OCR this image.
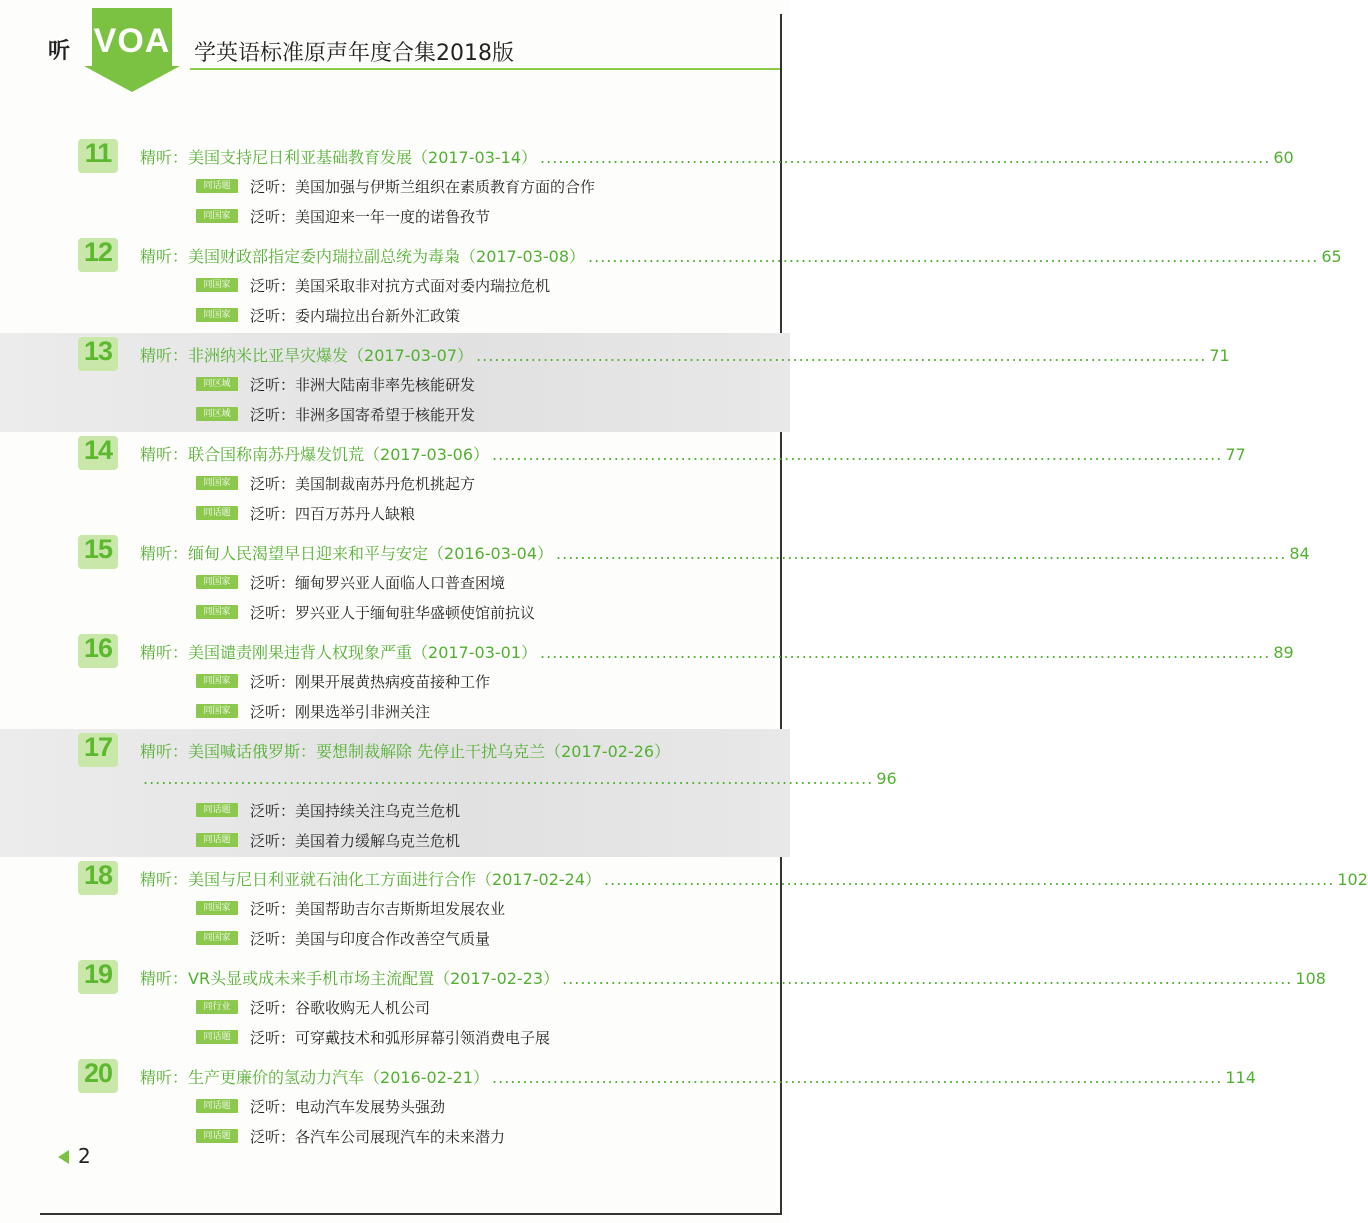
听 VOA	学英语标准原声年度合集2018版
11	精听： 美国支持尼日利亚基础教育发展（2017-03-14） ........................................................................................................................ 60
同话题	泛听： 美国加强与伊斯兰组织在素质教育方面的合作
同国家	泛听： 美国迎来一年一度的诺鲁孜节
12	精听： 美国财政部指定委内瑞拉副总统为毒枭（2017-03-08） ........................................................................................................................ 65
同国家	泛听： 美国采取非对抗方式面对委内瑞拉危机
同国家	泛听： 委内瑞拉出台新外汇政策
13	精听： 非洲纳米比亚旱灾爆发（2017-03-07） ........................................................................................................................ 71
同区域	泛听： 非洲大陆南非率先核能研发
同区域	泛听： 非洲多国寄希望于核能开发
14	精听： 联合国称南苏丹爆发饥荒（2017-03-06） ........................................................................................................................ 77
同国家	泛听： 美国制裁南苏丹危机挑起方
同话题	泛听： 四百万苏丹人缺粮
15	精听： 缅甸人民渴望早日迎来和平与安定（2016-03-04） ........................................................................................................................ 84
同国家	泛听： 缅甸罗兴亚人面临人口普查困境
同国家	泛听： 罗兴亚人于缅甸驻华盛顿使馆前抗议
16	精听： 美国谴责刚果违背人权现象严重（2017-03-01） ........................................................................................................................ 89
同国家	泛听： 刚果开展黄热病疫苗接种工作
同国家	泛听： 刚果选举引非洲关注
17	精听： 美国喊话俄罗斯：要想制裁解除 先停止干扰乌克兰（2017-02-26）
........................................................................................................................ 96
同话题	泛听： 美国持续关注乌克兰危机
同话题	泛听： 美国着力缓解乌克兰危机
18	精听： 美国与尼日利亚就石油化工方面进行合作（2017-02-24） ........................................................................................................................ 102
同国家	泛听： 美国帮助吉尔吉斯斯坦发展农业
同国家	泛听： 美国与印度合作改善空气质量
19	精听： VR头显或成未来手机市场主流配置（2017-02-23） ........................................................................................................................ 108
同行业	泛听： 谷歌收购无人机公司
同话题	泛听： 可穿戴技术和弧形屏幕引领消费电子展
20	精听： 生产更廉价的氢动力汽车（2016-02-21） ........................................................................................................................ 114
同话题	泛听： 电动汽车发展势头强劲
同话题	泛听： 各汽车公司展现汽车的未来潜力
2
